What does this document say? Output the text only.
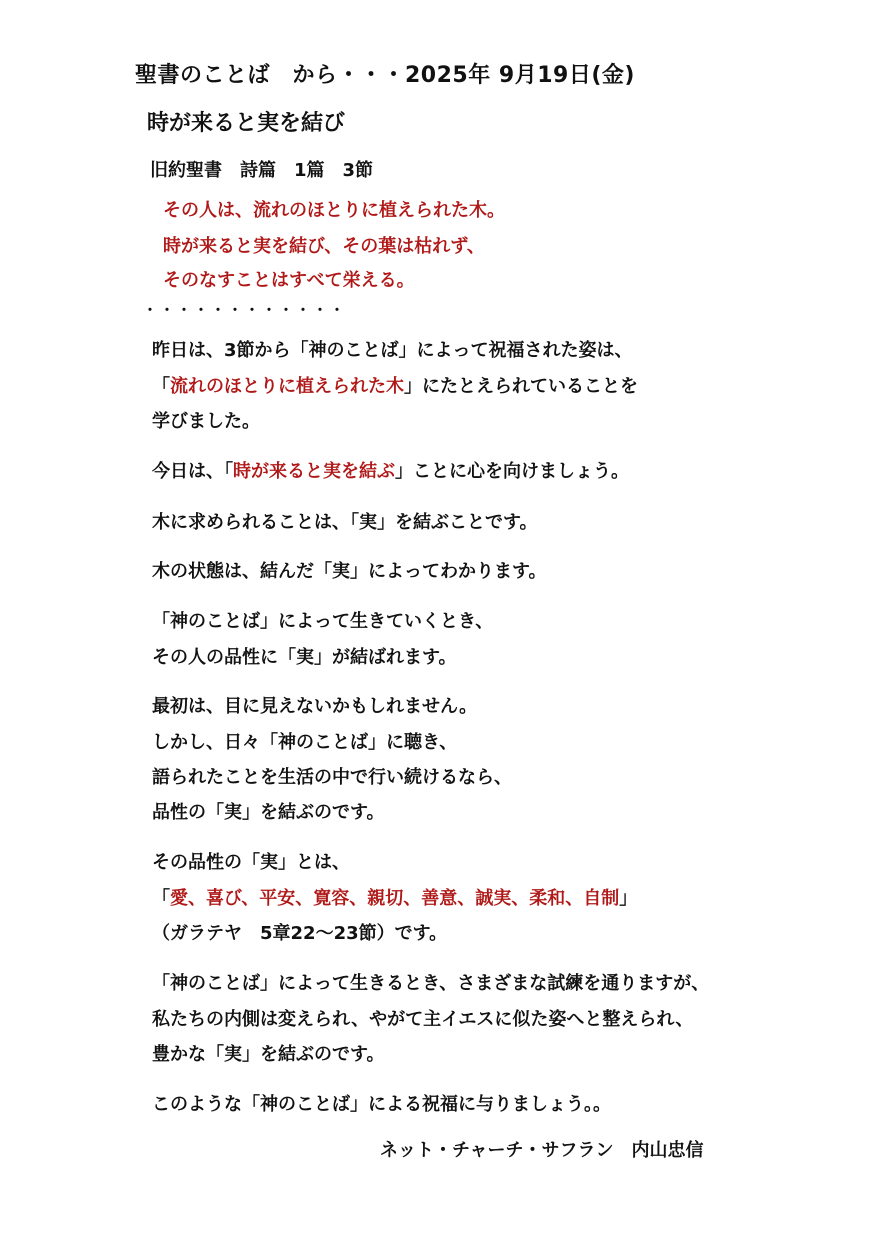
聖書のことば　から・・・2025年 9月19日(金)
時が来ると実を結び
旧約聖書　詩篇　1篇　3節
その人は、流れのほとりに植えられた木。
時が来ると実を結び、その葉は枯れず、
そのなすことはすべて栄える。
・・・・・・・・・・・・
昨日は、3節から「神のことば」によって祝福された姿は、
「流れのほとりに植えられた木」にたとえられていることを
学びました。
今日は、「時が来ると実を結ぶ」ことに心を向けましょう。
木に求められることは、「実」を結ぶことです。
木の状態は、結んだ「実」によってわかります。
「神のことば」によって生きていくとき、
その人の品性に「実」が結ばれます。
最初は、目に見えないかもしれません。
しかし、日々「神のことば」に聴き、
語られたことを生活の中で行い続けるなら、
品性の「実」を結ぶのです。
その品性の「実」とは、
「愛、喜び、平安、寛容、親切、善意、誠実、柔和、自制」
（ガラテヤ　5章22～23節）です。
「神のことば」によって生きるとき、さまざまな試練を通りますが、
私たちの内側は変えられ、やがて主イエスに似た姿へと整えられ、
豊かな「実」を結ぶのです。
このような「神のことば」による祝福に与りましょう。。
ネット・チャーチ・サフラン　内山忠信
